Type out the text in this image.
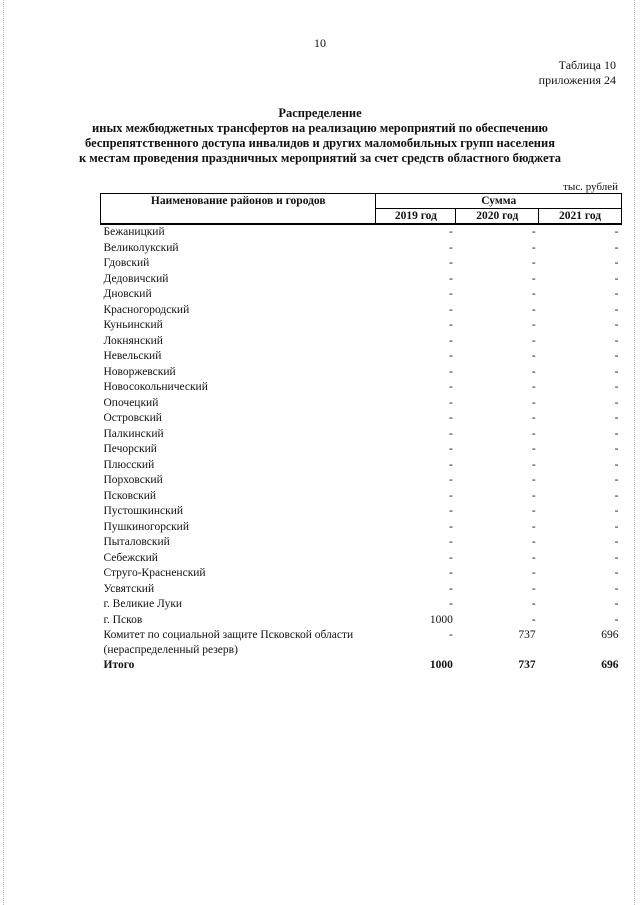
10
Таблица 10
приложения 24
Распределение
иных межбюджетных трансфертов на реализацию мероприятий по обеспечению
беспрепятственного доступа инвалидов и других маломобильных групп населения
к местам проведения праздничных мероприятий за счет средств областного бюджета
тыс. рублей
Наименование районов и городов	Сумма		
	2019 год	2020 год	2021 год
Бежаницкий	-	-	-
Великолукский	-	-	-
Гдовский	-	-	-
Дедовичский	-	-	-
Дновский	-	-	-
Красногородский	-	-	-
Куньинский	-	-	-
Локнянский	-	-	-
Невельский	-	-	-
Новоржевский	-	-	-
Новосокольнический	-	-	-
Опочецкий	-	-	-
Островский	-	-	-
Палкинский	-	-	-
Печорский	-	-	-
Плюсский	-	-	-
Порховский	-	-	-
Псковский	-	-	-
Пустошкинский	-	-	-
Пушкиногорский	-	-	-
Пыталовский	-	-	-
Себежский	-	-	-
Струго-Красненский	-	-	-
Усвятский	-	-	-
г. Великие Луки	-	-	-
г. Псков	1000	-	-
Комитет по социальной защите Псковской области (нераспределенный резерв)	-	737	696
Итого	1000	737	696
